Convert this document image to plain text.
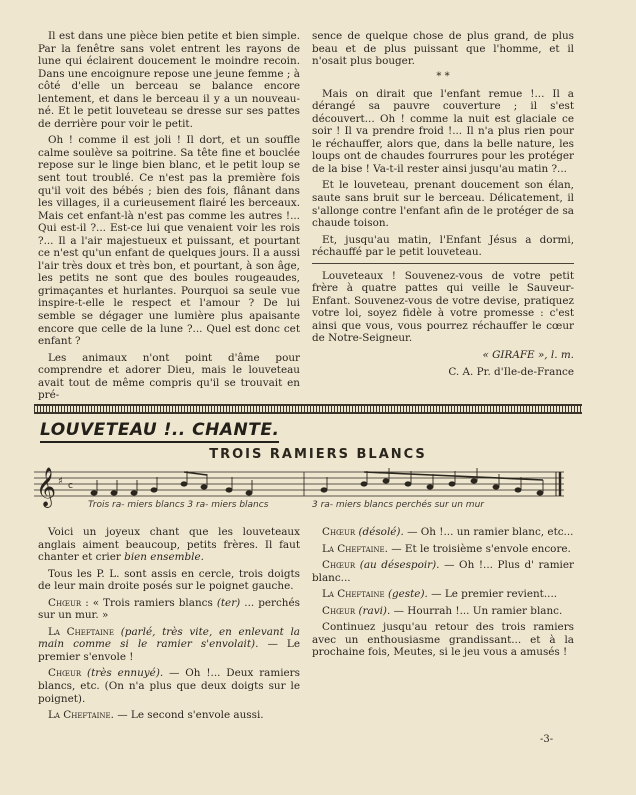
Il est dans une pièce bien petite et bien simple. Par la fenêtre sans volet entrent les rayons de lune qui éclairent doucement le moindre recoin. Dans une encoignure repose une jeune femme ; à côté d'elle un berceau se balance encore lentement, et dans le berceau il y a un nouveau-né. Et le petit louveteau se dresse sur ses pattes de derrière pour voir le petit.

Oh ! comme il est joli ! Il dort, et un souffle calme soulève sa poitrine. Sa tête fine et bouclée repose sur le linge bien blanc, et le petit loup se sent tout troublé. Ce n'est pas la première fois qu'il voit des bébés ; bien des fois, flânant dans les villages, il a curieusement flairé les berceaux. Mais cet enfant-là n'est pas comme les autres !... Qui est-il ?... Est-ce lui que venaient voir les rois ?... Il a l'air majestueux et puissant, et pourtant ce n'est qu'un enfant de quelques jours. Il a aussi l'air très doux et très bon, et pourtant, à son âge, les petits ne sont que des boules rougeaudes, grimaçantes et hurlantes. Pourquoi sa seule vue inspire-t-elle le respect et l'amour ? De lui semble se dégager une lumière plus apaisante encore que celle de la lune ?... Quel est donc cet enfant ?

Les animaux n'ont point d'âme pour comprendre et adorer Dieu, mais le louveteau avait tout de même compris qu'il se trouvait en pré-

sence de quelque chose de plus grand, de plus beau et de plus puissant que l'homme, et il n'osait plus bouger.

* *

Mais on dirait que l'enfant remue !... Il a dérangé sa pauvre couverture ; il s'est découvert... Oh ! comme la nuit est glaciale ce soir ! Il va prendre froid !... Il n'a plus rien pour le réchauffer, alors que, dans la belle nature, les loups ont de chaudes fourrures pour les protéger de la bise ! Va-t-il rester ainsi jusqu'au matin ?...

Et le louveteau, prenant doucement son élan, saute sans bruit sur le berceau. Délicatement, il s'allonge contre l'enfant afin de le protéger de sa chaude toison.

Et, jusqu'au matin, l'Enfant Jésus a dormi, réchauffé par le petit louveteau.

Louveteaux ! Souvenez-vous de votre petit frère à quatre pattes qui veille le Sauveur-Enfant. Souvenez-vous de votre devise, pratiquez votre loi, soyez fidèle à votre promesse : c'est ainsi que vous, vous pourrez réchauffer le cœur de Notre-Seigneur.

« GIRAFE », l. m.

C. A. Pr. d'Ile-de-France

LOUVETEAU !.. CHANTE.
TROIS RAMIERS BLANCS
𝄞 ♯ c
Trois ra- miers blancs 3 ra- miers blancs	3 ra- miers blancs perchés sur un mur

Voici un joyeux chant que les louveteaux anglais aiment beaucoup, petits frères. Il faut chanter et crier bien ensemble.

Tous les P. L. sont assis en cercle, trois doigts de leur main droite posés sur le poignet gauche.

Chœur : « Trois ramiers blancs (ter) ... perchés sur un mur. »

La Cheftaine (parlé, très vite, en enlevant la main comme si le ramier s'envolait). — Le premier s'envole !

Chœur (très ennuyé). — Oh !... Deux ramiers blancs, etc. (On n'a plus que deux doigts sur le poignet).

La Cheftaine. — Le second s'envole aussi.

Chœur (désolé). — Oh !... un ramier blanc, etc...

La Cheftaine. — Et le troisième s'envole encore.

Chœur (au désespoir). — Oh !... Plus d' ramier blanc...

La Cheftaine (geste). — Le premier revient....

Chœur (ravi). — Hourrah !... Un ramier blanc.

Continuez jusqu'au retour des trois ramiers avec un enthousiasme grandissant... et à la prochaine fois, Meutes, si le jeu vous a amusés !

-3-
